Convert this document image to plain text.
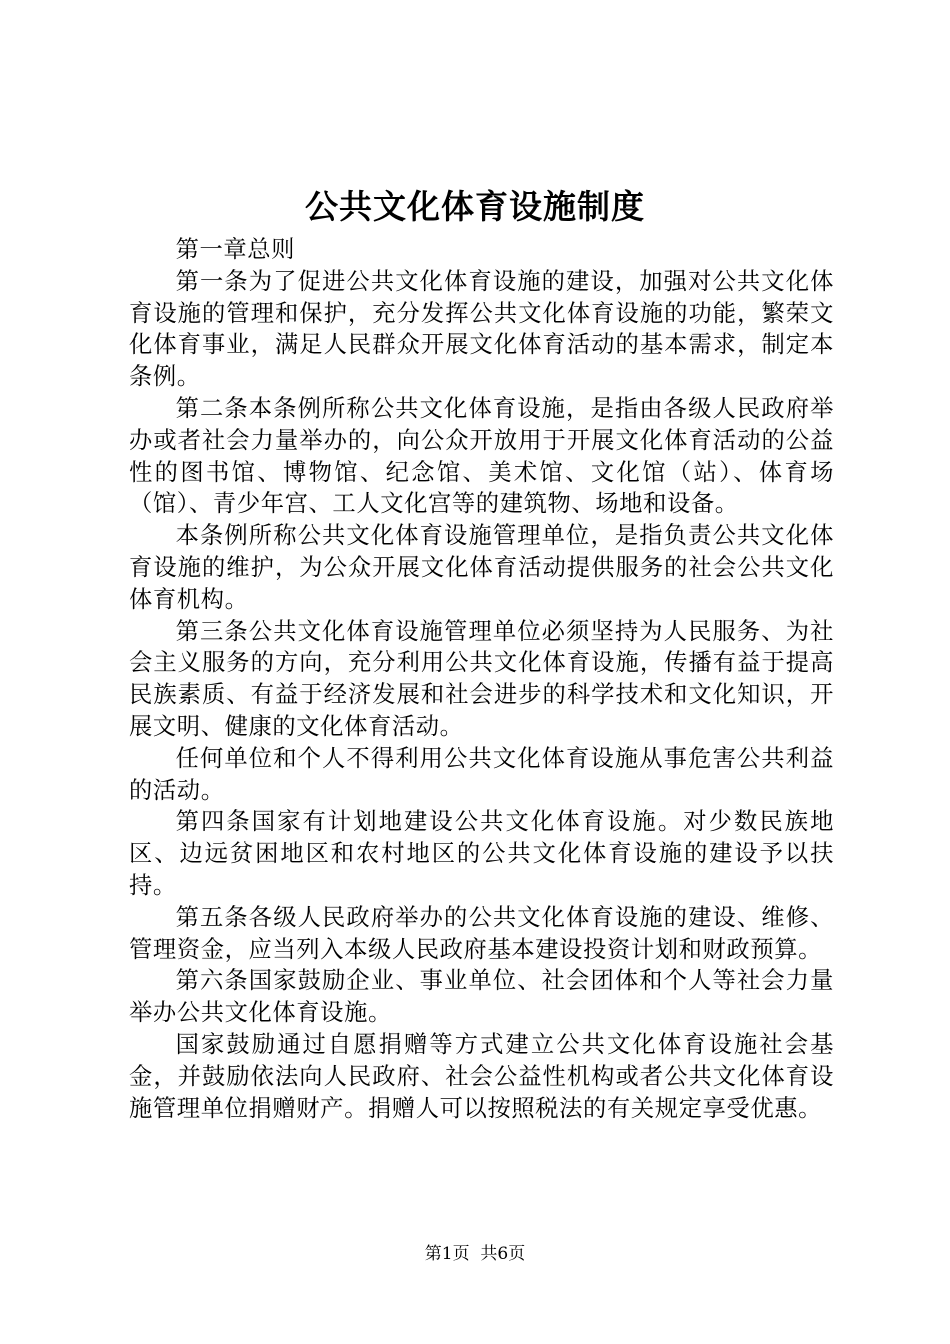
公共文化体育设施制度

第一章总则

第一条为了促进公共文化体育设施的建设，加强对公共文化体育设施的管理和保护，充分发挥公共文化体育设施的功能，繁荣文化体育事业，满足人民群众开展文化体育活动的基本需求，制定本条例。

第二条本条例所称公共文化体育设施，是指由各级人民政府举办或者社会力量举办的，向公众开放用于开展文化体育活动的公益性的图书馆、博物馆、纪念馆、美术馆、文化馆（站）、体育场（馆）、青少年宫、工人文化宫等的建筑物、场地和设备。

本条例所称公共文化体育设施管理单位，是指负责公共文化体育设施的维护，为公众开展文化体育活动提供服务的社会公共文化体育机构。

第三条公共文化体育设施管理单位必须坚持为人民服务、为社会主义服务的方向，充分利用公共文化体育设施，传播有益于提高民族素质、有益于经济发展和社会进步的科学技术和文化知识，开展文明、健康的文化体育活动。

任何单位和个人不得利用公共文化体育设施从事危害公共利益的活动。

第四条国家有计划地建设公共文化体育设施。对少数民族地区、边远贫困地区和农村地区的公共文化体育设施的建设予以扶持。

第五条各级人民政府举办的公共文化体育设施的建设、维修、管理资金，应当列入本级人民政府基本建设投资计划和财政预算。

第六条国家鼓励企业、事业单位、社会团体和个人等社会力量举办公共文化体育设施。

国家鼓励通过自愿捐赠等方式建立公共文化体育设施社会基金，并鼓励依法向人民政府、社会公益性机构或者公共文化体育设施管理单位捐赠财产。捐赠人可以按照税法的有关规定享受优惠。

第1页 共6页
